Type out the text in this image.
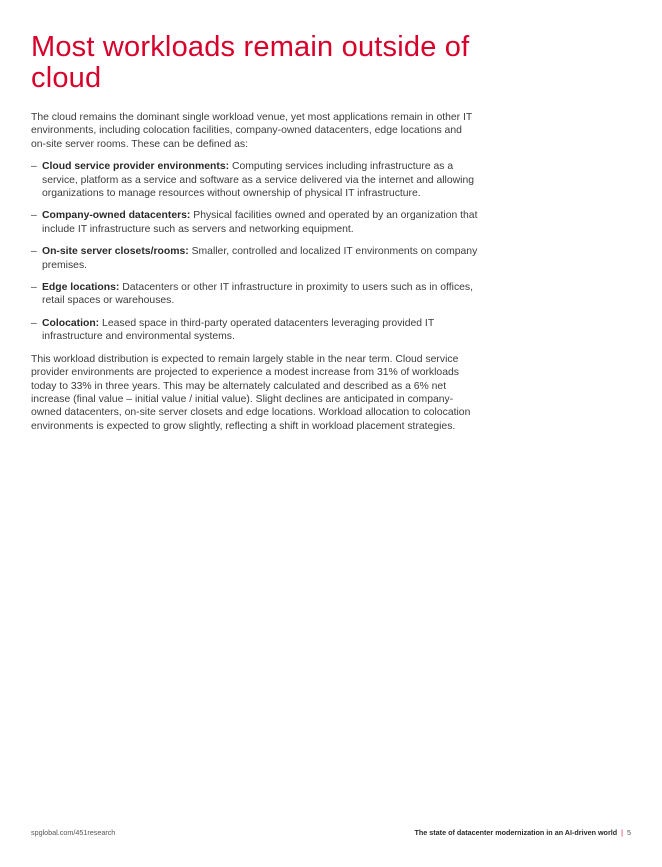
Most workloads remain outside of cloud

The cloud remains the dominant single workload venue, yet most applications remain in other IT environments, including colocation facilities, company-owned datacenters, edge locations and on-site server rooms. These can be defined as:

– Cloud service provider environments: Computing services including infrastructure as a service, platform as a service and software as a service delivered via the internet and allowing organizations to manage resources without ownership of physical IT infrastructure.
– Company-owned datacenters: Physical facilities owned and operated by an organization that include IT infrastructure such as servers and networking equipment.
– On-site server closets/rooms: Smaller, controlled and localized IT environments on company premises.
– Edge locations: Datacenters or other IT infrastructure in proximity to users such as in offices, retail spaces or warehouses.
– Colocation: Leased space in third-party operated datacenters leveraging provided IT infrastructure and environmental systems.

This workload distribution is expected to remain largely stable in the near term. Cloud service provider environments are projected to experience a modest increase from 31% of workloads today to 33% in three years. This may be alternately calculated and described as a 6% net increase (final value – initial value / initial value). Slight declines are anticipated in company-owned datacenters, on-site server closets and edge locations. Workload allocation to colocation environments is expected to grow slightly, reflecting a shift in workload placement strategies.

spglobal.com/451research	The state of datacenter modernization in an AI-driven world | 5
